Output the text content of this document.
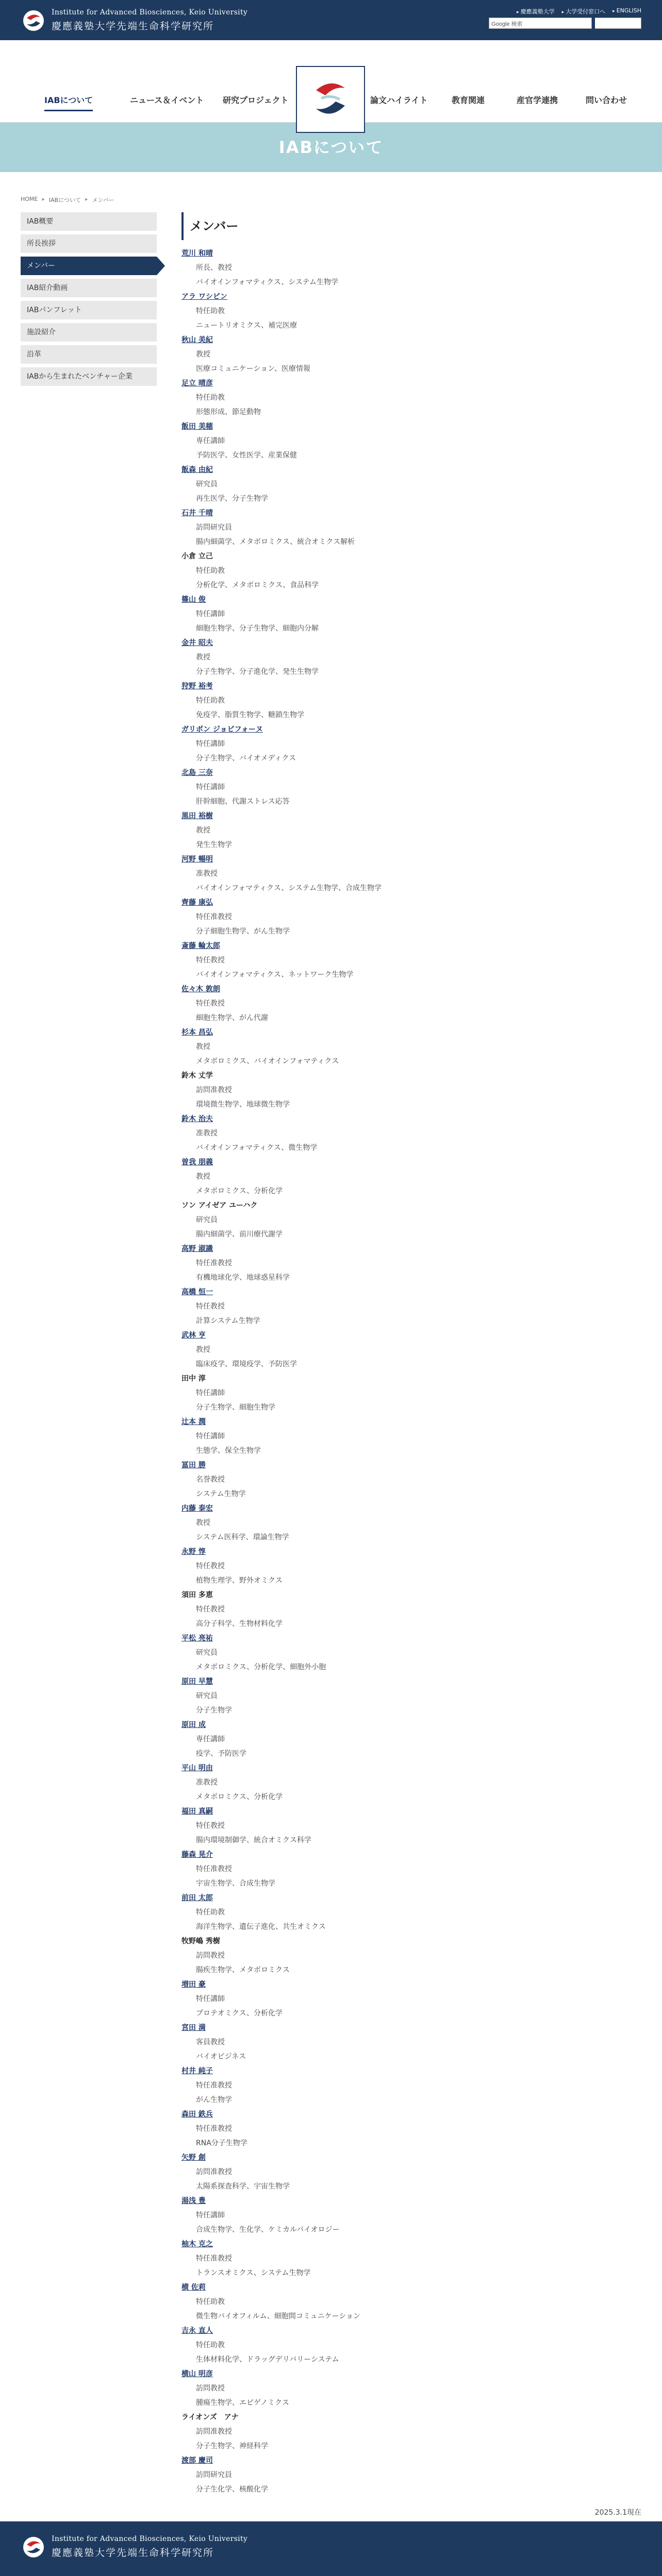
Institute for Advanced Biosciences, Keio University
慶應義塾大学先端生命科学研究所
▸ 慶應義塾大学	▸ 大学受付窓口へ	▸ ENGLISH
Google 検索
IABについて	ニュース＆イベント 研究プロジェクト	論文ハイライト	教育関連	産官学連携	問い合わせ
IABについて
HOME ▸ IABについて ▸ メンバー
IAB概要
所長挨拶
メンバー
IAB紹介動画
IABパンフレット
施設紹介
沿革
IABから生まれたベンチャー企業
メンバー
荒川 和晴
所長、教授
バイオインフォマティクス、システム生物学
アラ ワシビン
特任助教
ニュートリオミクス、補完医療
秋山 美紀
教授
医療コミュニケーション、医療情報
足立 晴彦
特任助教
形態形成、節足動物
飯田 美穂
専任講師
予防医学、女性医学、産業保健
飯森 由紀
研究員
再生医学、分子生物学
石井 千晴
訪問研究員
腸内細菌学、メタボロミクス、統合オミクス解析
小倉 立己
特任助教
分析化学、メタボロミクス、食品科学
篠山 俊
特任講師
細胞生物学、分子生物学、細胞内分解
金井 昭夫
教授
分子生物学、分子進化学、発生生物学
狩野 裕考
特任助教
免疫学、脂質生物学、糖鎖生物学
ガリボン ジョビフォーヌ
特任講師
分子生物学、バイオメディクス
北島 三奈
特任講師
肝幹細胞、代謝ストレス応答
黒田 裕樹
教授
発生生物学
河野 暢明
准教授
バイオインフォマティクス、システム生物学、合成生物学
齊藤 康弘
特任准教授
分子細胞生物学、がん生物学
斎藤 輪太郎
特任教授
バイオインフォマティクス、ネットワーク生物学
佐々木 敦朗
特任教授
細胞生物学、がん代謝
杉本 昌弘
教授
メタボロミクス、バイオインフォマティクス
鈴木 丈学
訪問准教授
環境微生物学、地球微生物学
鈴木 治夫
准教授
バイオインフォマティクス、微生物学
曽我 朋義
教授
メタボロミクス、分析化学
ソン アイゼア ユーハク
研究員
腸内細菌学、前川療代謝学
高野 淑識
特任准教授
有機地球化学、地球惑星科学
高橋 恒一
特任教授
計算システム生物学
武林 亨
教授
臨床疫学、環境疫学、予防医学
田中 淳
特任講師
分子生物学、細胞生物学
辻本 潤
特任講師
生態学、保全生物学
冨田 勝
名誉教授
システム生物学
内藤 泰宏
教授
システム医科学、環論生物学
永野 惇
特任教授
植物生理学、野外オミクス
須田 多恵
特任教授
高分子科学、生物材料化学
平松 亮祐
研究員
メタボロミクス、分析化学、細胞外小胞
原田 早慧
研究員
分子生物学
原田 成
専任講師
疫学、予防医学
平山 明由
准教授
メタボロミクス、分析化学
福田 真嗣
特任教授
腸内環境制御学、統合オミクス科学
藤森 晃介
特任准教授
宇宙生物学、合成生物学
前田 太郎
特任助教
海洋生物学、遺伝子進化、共生オミクス
牧野嶋 秀樹
訪問教授
腸疾生物学、メタボロミクス
増田 豪
特任講師
プロテオミクス、分析化学
宮田 満
客員教授
バイオビジネス
村井 純子
特任准教授
がん生物学
森田 鉄兵
特任准教授
RNA分子生物学
矢野 創
訪問准教授
太陽系探査科学、宇宙生物学
湯浅 豊
特任講師
合成生物学、生化学、ケミカルバイオロジー
柚木 克之
特任准教授
トランスオミクス、システム生物学
横 佐莉
特任助教
微生物バイオフィルム、細胞間コミュニケーション
吉永 直人
特任助教
生体材料化学、ドラッグデリバリーシステム
横山 明彦
訪問教授
腫瘍生物学、エピゲノミクス
ライオンズ　アナ
訪問准教授
分子生物学、神経科学
渡部 慶司
訪問研究員
分子生化学、核酸化学
2025.3.1現在
Institute for Advanced Biosciences, Keio University
慶應義塾大学先端生命科学研究所
